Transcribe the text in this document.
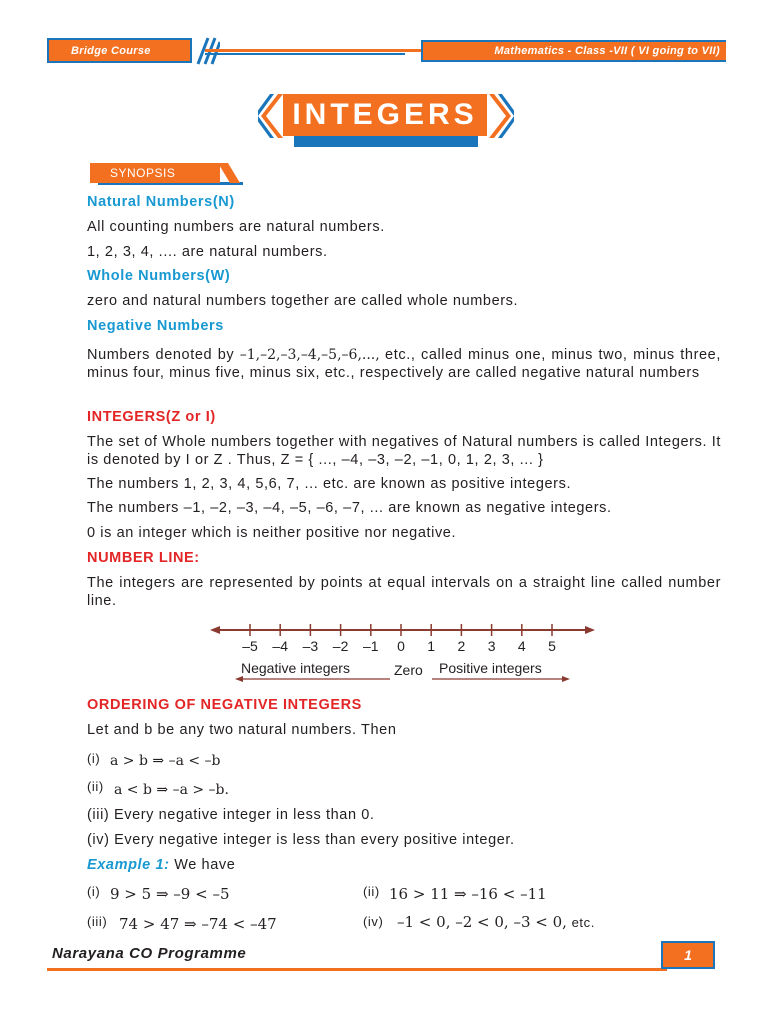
Bridge Course	Mathematics - Class -VII ( VI going to VII)
INTEGERS
SYNOPSIS
Natural Numbers(N)
All counting numbers are natural numbers.
1, 2, 3, 4, .... are natural numbers.
Whole Numbers(W)
zero and natural numbers together are called whole numbers.
Negative Numbers
Numbers denoted by –1,–2,–3,–4,–5,–6,..., etc., called minus one, minus two, minus three, minus four, minus five, minus six, etc., respectively are called negative natural numbers
INTEGERS(Z or I)
The set of Whole numbers together with negatives of Natural numbers is called Integers. It is denoted by I or Z . Thus, Z = { ..., –4, –3, –2, –1, 0, 1, 2, 3, ... }
The numbers 1, 2, 3, 4, 5,6, 7, ... etc. are known as positive integers.
The numbers –1, –2, –3, –4, –5, –6, –7, ... are known as negative integers.
0 is an integer which is neither positive nor negative.
NUMBER LINE:
The integers are represented by points at equal intervals on a straight line called number line.
–5 –4 –3 –2 –1 0 1 2 3 4 5
Negative integers	Zero Positive integers
ORDERING OF NEGATIVE INTEGERS
Let and b be any two natural numbers. Then
(i) a > b ⇒ –a < –b
(ii) a < b ⇒ –a > –b.
(iii) Every negative integer in less than 0.
(iv) Every negative integer is less than every positive integer.
Example 1: We have
(i) 9 > 5 ⇒ –9 < –5	(ii) 16 > 11 ⇒ –16 < –11
(iii) 74 > 47 ⇒ –74 < –47	(iv) –1 < 0, –2 < 0, –3 < 0, etc.
Narayana CO Programme	1
